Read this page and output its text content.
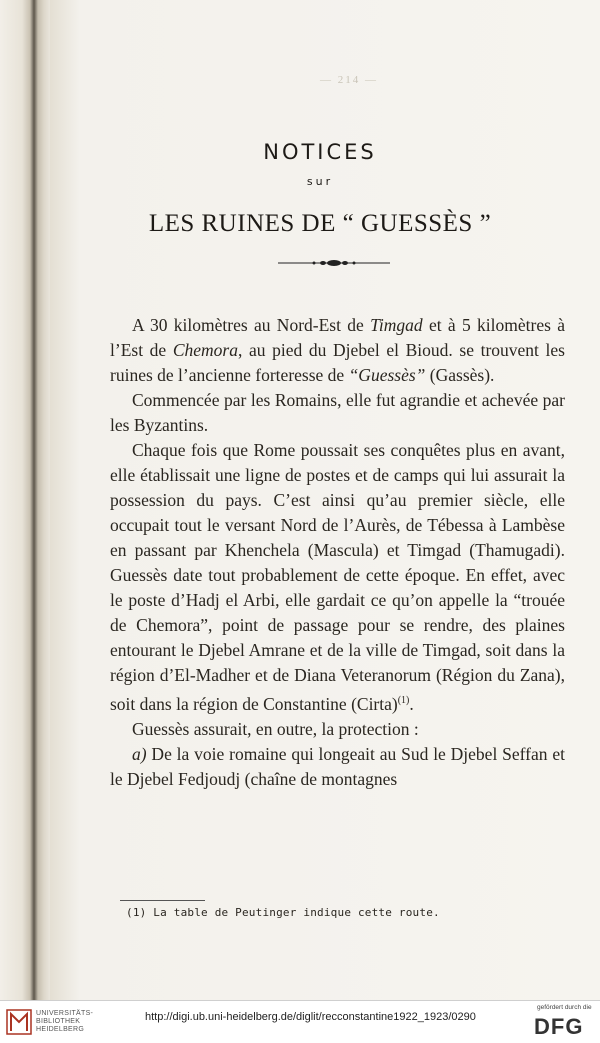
— 214 —
NOTICES
sur
LES RUINES DE “ GUESSÈS ”

A 30 kilomètres au Nord-Est de Timgad et à 5 kilomètres à l’Est de Chemora, au pied du Djebel el Bioud. se trouvent les ruines de l’ancienne forteresse de “Guessès” (Gassès).

Commencée par les Romains, elle fut agrandie et achevée par les Byzantins.

Chaque fois que Rome poussait ses conquêtes plus en avant, elle établissait une ligne de postes et de camps qui lui assurait la possession du pays. C’est ainsi qu’au premier siècle, elle occupait tout le versant Nord de l’Aurès, de Tébessa à Lambèse en passant par Khenchela (Mascula) et Timgad (Thamugadi). Guessès date tout probablement de cette époque. En effet, avec le poste d’Hadj el Arbi, elle gardait ce qu’on appelle la “trouée de Chemora”, point de passage pour se rendre, des plaines entourant le Djebel Amrane et de la ville de Timgad, soit dans la région d’El-Madher et de Diana Veteranorum (Région du Zana), soit dans la région de Constantine (Cirta)$^{(1)}$.

Guessès assurait, en outre, la protection :

a) De la voie romaine qui longeait au Sud le Djebel Seffan et le Djebel Fedjoudj (chaîne de montagnes

(1) La table de Peutinger indique cette route.
UNIVERSITÄTS-
BIBLIOTHEK
HEIDELBERG
http://digi.ub.uni-heidelberg.de/diglit/recconstantine1922_1923/0290
gefördert durch die
DFG
